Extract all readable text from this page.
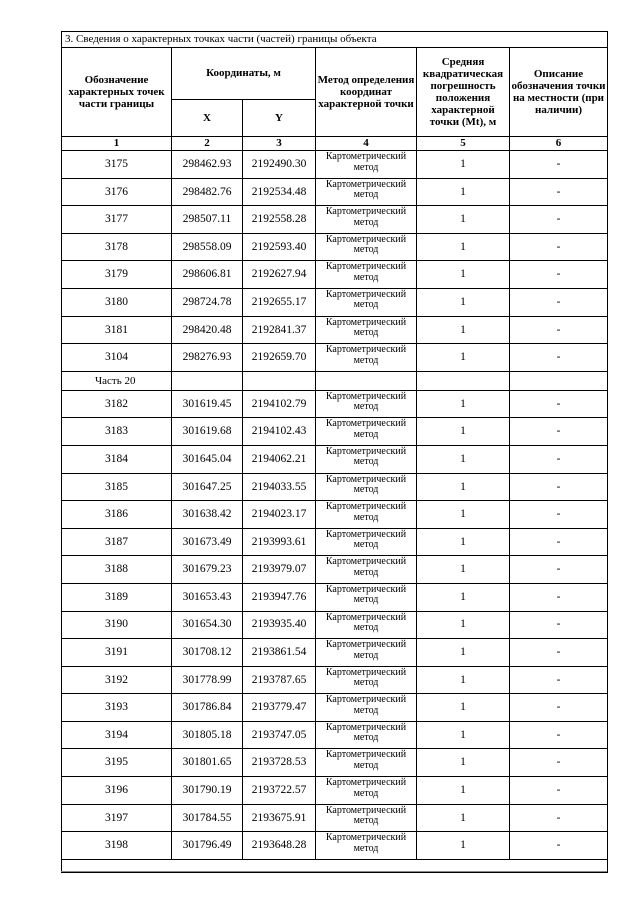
3. Сведения о характерных точках части (частей) границы объекта					
Обозначение характерных точек части границы	Координаты, м		Метод определения координат характерной точки	Средняя квадратическая погрешность положения характерной точки (Mt), м	Описание обозначения точки на местности (при наличии)
	X	Y			
1	2	3	4	5	6
3175	298462.93	2192490.30	Картометрический метод	1	-
3176	298482.76	2192534.48	Картометрический метод	1	-
3177	298507.11	2192558.28	Картометрический метод	1	-
3178	298558.09	2192593.40	Картометрический метод	1	-
3179	298606.81	2192627.94	Картометрический метод	1	-
3180	298724.78	2192655.17	Картометрический метод	1	-
3181	298420.48	2192841.37	Картометрический метод	1	-
3104	298276.93	2192659.70	Картометрический метод	1	-
Часть 20					
3182	301619.45	2194102.79	Картометрический метод	1	-
3183	301619.68	2194102.43	Картометрический метод	1	-
3184	301645.04	2194062.21	Картометрический метод	1	-
3185	301647.25	2194033.55	Картометрический метод	1	-
3186	301638.42	2194023.17	Картометрический метод	1	-
3187	301673.49	2193993.61	Картометрический метод	1	-
3188	301679.23	2193979.07	Картометрический метод	1	-
3189	301653.43	2193947.76	Картометрический метод	1	-
3190	301654.30	2193935.40	Картометрический метод	1	-
3191	301708.12	2193861.54	Картометрический метод	1	-
3192	301778.99	2193787.65	Картометрический метод	1	-
3193	301786.84	2193779.47	Картометрический метод	1	-
3194	301805.18	2193747.05	Картометрический метод	1	-
3195	301801.65	2193728.53	Картометрический метод	1	-
3196	301790.19	2193722.57	Картометрический метод	1	-
3197	301784.55	2193675.91	Картометрический метод	1	-
3198	301796.49	2193648.28	Картометрический метод	1	-
